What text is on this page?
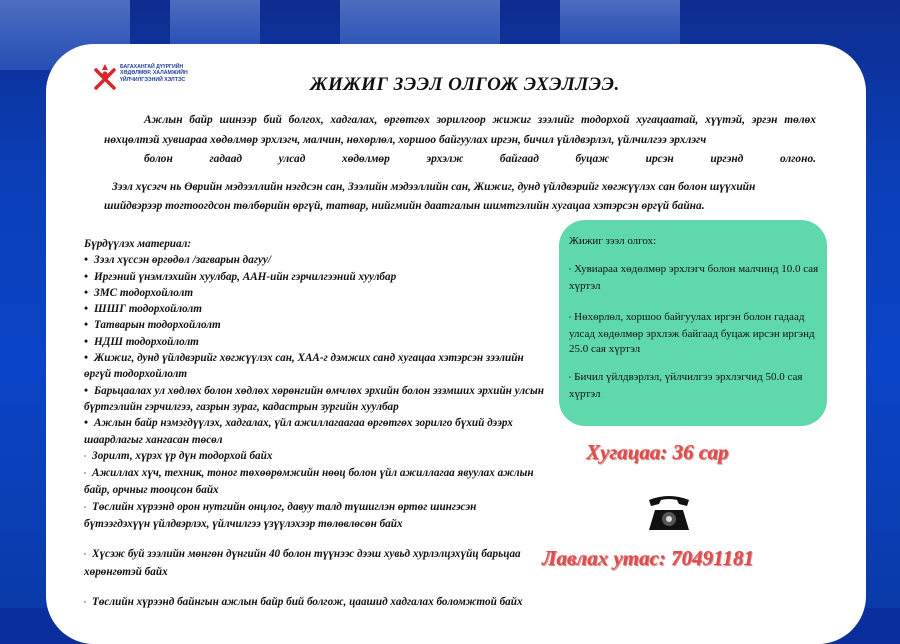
БАГАХАНГАЙ ДҮҮРГИЙН
ХӨДӨЛМӨР, ХАЛАМЖИЙН
ҮЙЛЧИЛГЭЭНИЙ ХЭЛТЭС	ЖИЖИГ ЗЭЭЛ ОЛГОЖ ЭХЭЛЛЭЭ.
Ажлын байр шинээр бий болгох, хадгалах, өргөтгөх зорилгоор жижиг зээлийг тодорхой хугацаатай, хүүтэй, эргэн төлөх нөхцөлтэй хувиараа хөдөлмөр эрхлэгч, малчин, нөхөрлөл, хоршоо байгуулах иргэн, бичил үйлдвэрлэл, үйлчилгээ эрхлэгч
болон гадаад улсад хөдөлмөр эрхэлж байгаад буцаж ирсэн иргэнд олгоно.
Зээл хүсэгч нь Өврийн мэдээллийн нэгдсэн сан, Зээлийн мэдээллийн сан, Жижиг, дунд үйлдвэрийг хөгжүүлэх сан болон шүүхийн шийдвэрээр тогтоогдсон төлбөрийн өргүй, татвар, нийгмийн даатгалын шимтгэлийн хугацаа хэтэрсэн өргүй байна.
Бүрдүүлэх материал:
• Зээл хүссэн өргөдөл /загварын дагуу/
• Иргэний үнэмлэхийн хуулбар, ААН-ийн гэрчилгээний хуулбар
• ЗМС тодорхойлолт
• ШШГ тодорхойлолт
• Татварын тодорхойлолт
• НДШ тодорхойлолт
• Жижиг, дунд үйлдвэрийг хөгжүүлэх сан, ХАА-г дэмжих санд хугацаа хэтэрсэн зээлийн өргүй тодорхойлолт
• Барьцаалах ул хөдлөх болон хөдлөх хөрөнгийн өмчлөх эрхийн болон эзэмших эрхийн улсын бүртгэлийн гэрчилгээ, газрын зураг, кадастрын зургийн хуулбар
• Ажлын байр нэмэгдүүлэх, хадгалах, үйл ажиллагаагаа өргөтгөх зорилго бүхий дээрх шаардлагыг хангасан төсөл
▫ Зорилт, хүрэх үр дүн тодорхой байх
▫ Ажиллах хүч, техник, тоног төхөөрөмжийн нөөц болон үйл ажиллагаа явуулах ажлын байр, орчныг тооцсон байх
▫ Төслийн хүрээнд орон нутгийн онцлог, давуу талд түшиглэн өртөг шингэсэн бүтээгдэхүүн үйлдвэрлэх, үйлчилгээ үзүүлэхээр төлөвлөсөн байх
▫ Хүсэж буй зээлийн мөнгөн дүнгийн 40 болон түүнээс дээш хувьд хурлэлцэхүйц барьцаа хөрөнгөтэй байх
▫ Төслийн хүрээнд байнгын ажлын байр бий болгож, цаашид хадгалах боломжтой байх
Жижиг зээл олгох:
▫ Хувиараа хөдөлмөр эрхлэгч болон малчинд 10.0 сая хүртэл
▫ Нөхөрлөл, хоршоо байгуулах иргэн болон гадаад улсад хөдөлмөр эрхлэж байгаад буцаж ирсэн иргэнд 25.0 сая хүртэл
▫ Бичил үйлдвэрлэл, үйлчилгээ эрхлэгчид 50.0 сая хүртэл
Хугацаа: 36 сар
Лавлах утас: 70491181
